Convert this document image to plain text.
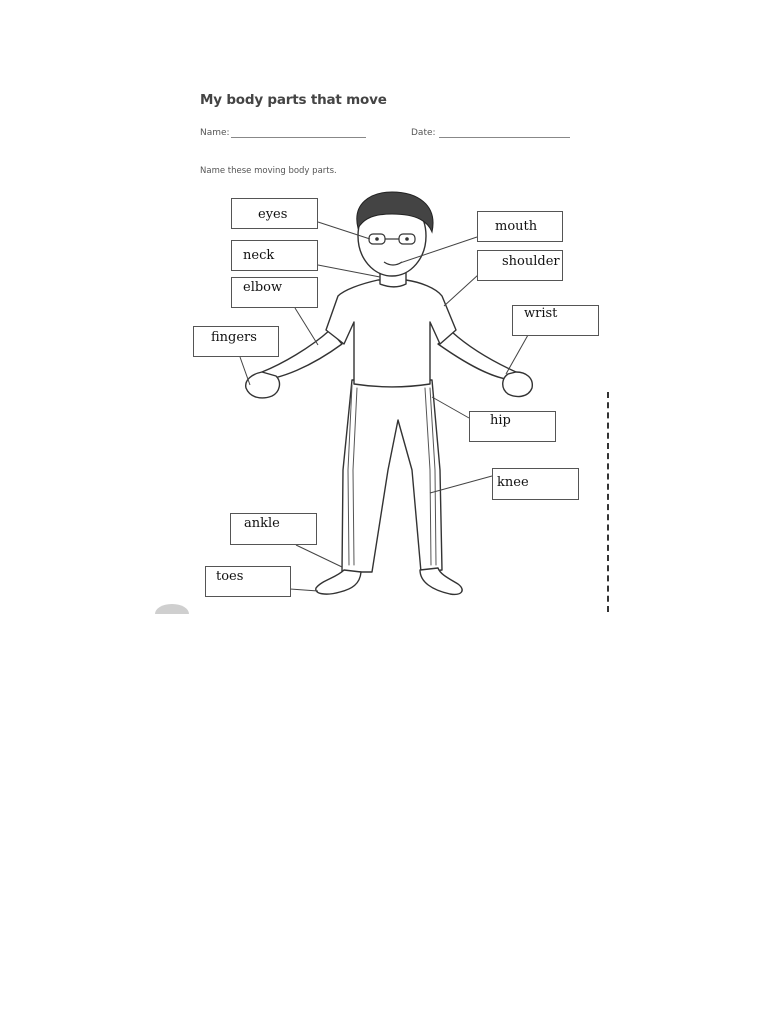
My body parts that move
Name:	Date:
Name these moving body parts.
eyes
mouth
neck	shoulder
elbow
wrist
fingers
hip
knee
ankle
toes
